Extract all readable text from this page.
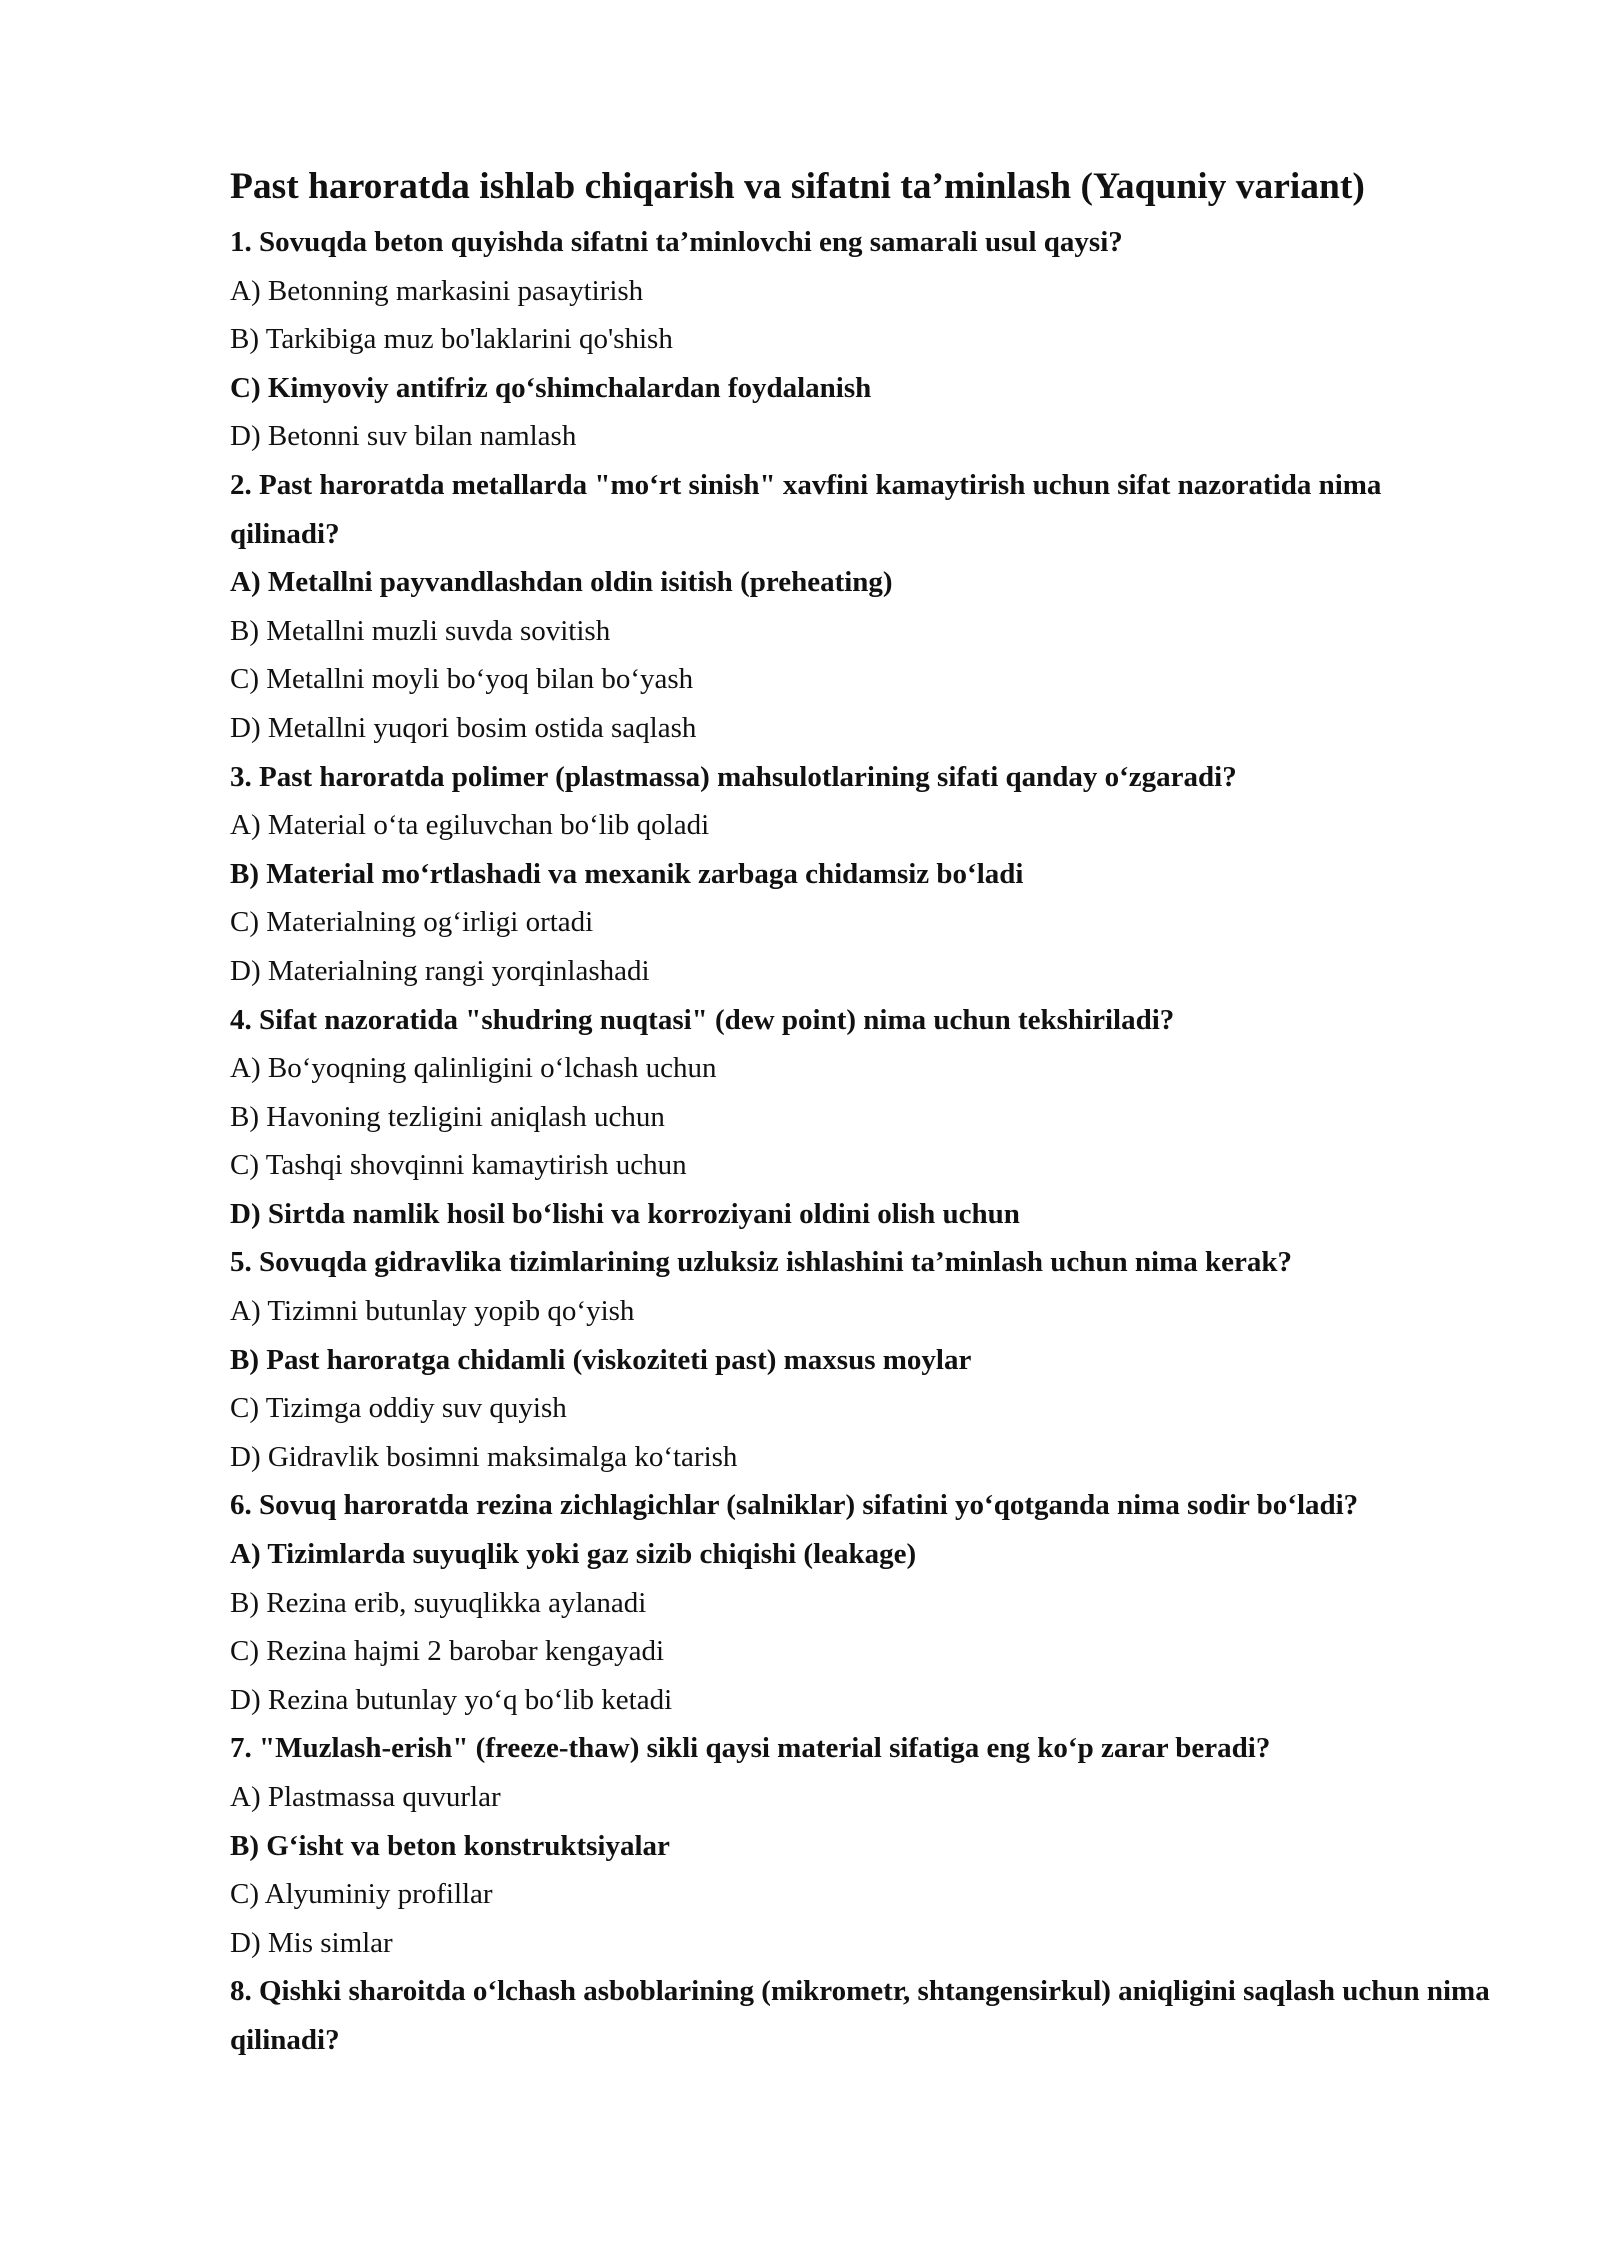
Past haroratda ishlab chiqarish va sifatni ta’minlash (Yaquniy variant)
1. Sovuqda beton quyishda sifatni ta’minlovchi eng samarali usul qaysi?
A) Betonning markasini pasaytirish
B) Tarkibiga muz bo'laklarini qo'shish
C) Kimyoviy antifriz qo‘shimchalardan foydalanish
D) Betonni suv bilan namlash
2. Past haroratda metallarda "mo‘rt sinish" xavfini kamaytirish uchun sifat nazoratida nima qilinadi?
A) Metallni payvandlashdan oldin isitish (preheating)
B) Metallni muzli suvda sovitish
C) Metallni moyli bo‘yoq bilan bo‘yash
D) Metallni yuqori bosim ostida saqlash
3. Past haroratda polimer (plastmassa) mahsulotlarining sifati qanday o‘zgaradi?
A) Material o‘ta egiluvchan bo‘lib qoladi
B) Material mo‘rtlashadi va mexanik zarbaga chidamsiz bo‘ladi
C) Materialning og‘irligi ortadi
D) Materialning rangi yorqinlashadi
4. Sifat nazoratida "shudring nuqtasi" (dew point) nima uchun tekshiriladi?
A) Bo‘yoqning qalinligini o‘lchash uchun
B) Havoning tezligini aniqlash uchun
C) Tashqi shovqinni kamaytirish uchun
D) Sirtda namlik hosil bo‘lishi va korroziyani oldini olish uchun
5. Sovuqda gidravlika tizimlarining uzluksiz ishlashini ta’minlash uchun nima kerak?
A) Tizimni butunlay yopib qo‘yish
B) Past haroratga chidamli (viskoziteti past) maxsus moylar
C) Tizimga oddiy suv quyish
D) Gidravlik bosimni maksimalga ko‘tarish
6. Sovuq haroratda rezina zichlagichlar (salniklar) sifatini yo‘qotganda nima sodir bo‘ladi?
A) Tizimlarda suyuqlik yoki gaz sizib chiqishi (leakage)
B) Rezina erib, suyuqlikka aylanadi
C) Rezina hajmi 2 barobar kengayadi
D) Rezina butunlay yo‘q bo‘lib ketadi
7. "Muzlash-erish" (freeze-thaw) sikli qaysi material sifatiga eng ko‘p zarar beradi?
A) Plastmassa quvurlar
B) G‘isht va beton konstruktsiyalar
C) Alyuminiy profillar
D) Mis simlar
8. Qishki sharoitda o‘lchash asboblarining (mikrometr, shtangensirkul) aniqligini saqlash uchun nima qilinadi?
